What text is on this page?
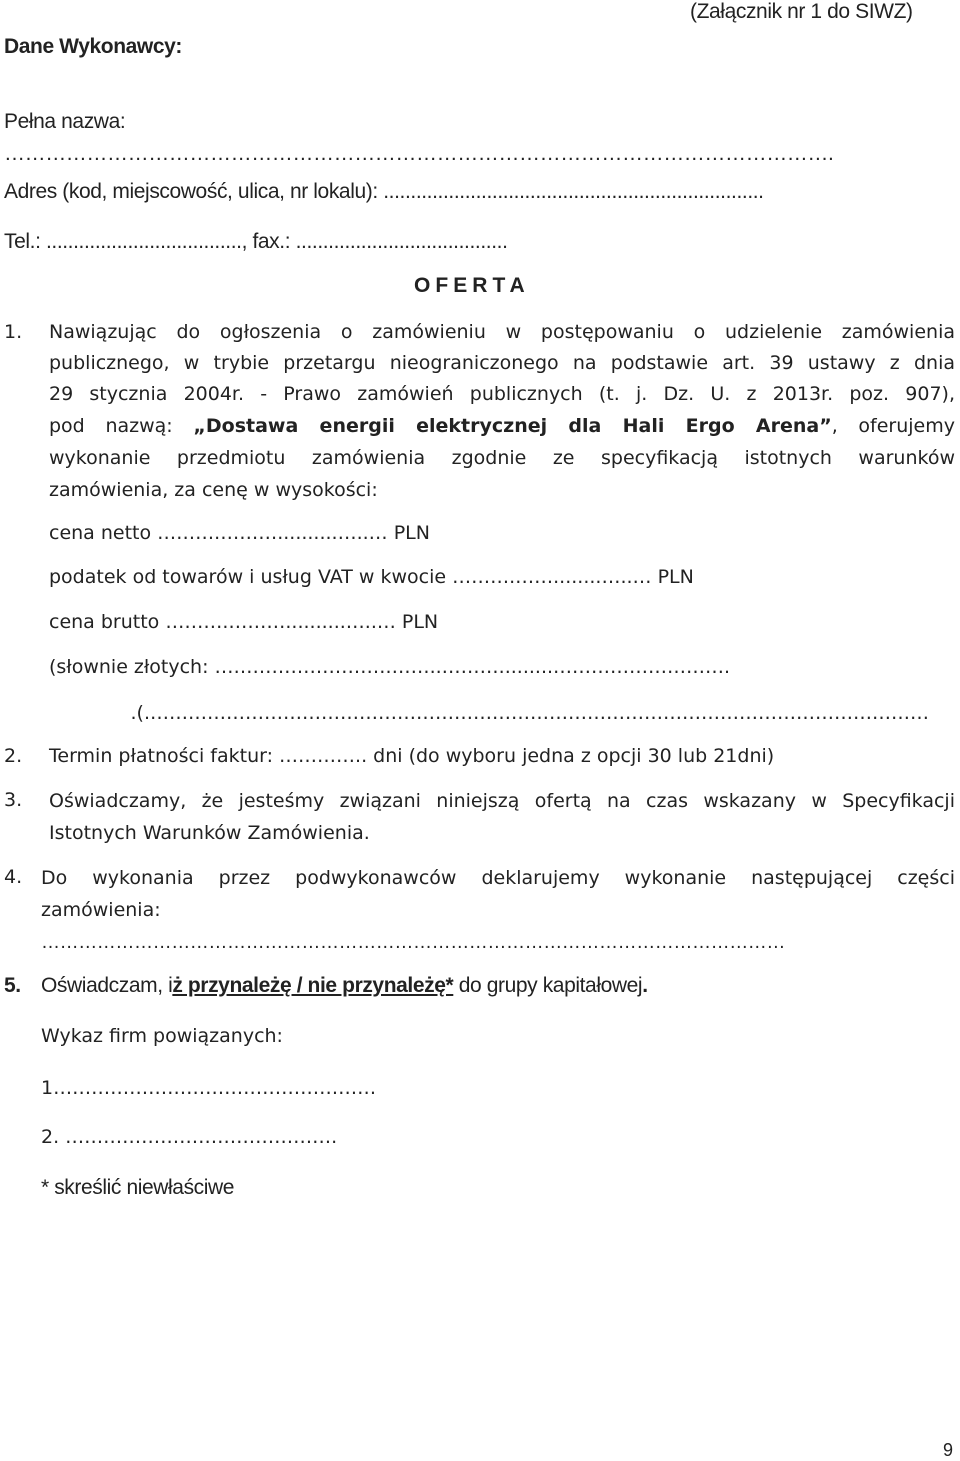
(Załącznik nr 1 do SIWZ)
Dane Wykonawcy:
Pełna nazwa:
………………………………………………………………………………………………………….
Adres (kod, miejscowość, ulica, nr lokalu): ......................................................................
Tel.: ...................................., fax.: .......................................
O F E R T A
1. Nawiązując do ogłoszenia o zamówieniu w postępowaniu o udzielenie zamówienia
publicznego, w trybie przetargu nieograniczonego na podstawie art. 39 ustawy z dnia
29 stycznia 2004r. - Prawo zamówień publicznych (t. j. Dz. U. z 2013r. poz. 907),
pod nazwą: „Dostawa energii elektrycznej dla Hali Ergo Arena”, oferujemy
wykonanie przedmiotu zamówienia zgodnie ze specyfikacją istotnych warunków
zamówienia, za cenę w wysokości:
cena netto ……….………..........…..… PLN
podatek od towarów i usług VAT w kwocie ……….……........…..… PLN
cena brutto ……….………..........…..… PLN
(słownie złotych: ……………………….……..……….........……………………….
…………………………………………………………………………………………………………….).
2. Termin płatności faktur: ………….. dni (do wyboru jedna z opcji 30 lub 21dni)
3. Oświadczamy, że jesteśmy związani niniejszą ofertą na czas wskazany w Specyfikacji
Istotnych Warunków Zamówienia.
4. Do wykonania przez podwykonawców deklarujemy wykonanie następującej części
zamówienia:
…………………………………………………………………………………………………………
5. Oświadczam, iż przynależę / nie przynależę* do grupy kapitałowej.
Wykaz firm powiązanych:
1……………………………………………
2. …………………………………….
* skreślić niewłaściwe
9
